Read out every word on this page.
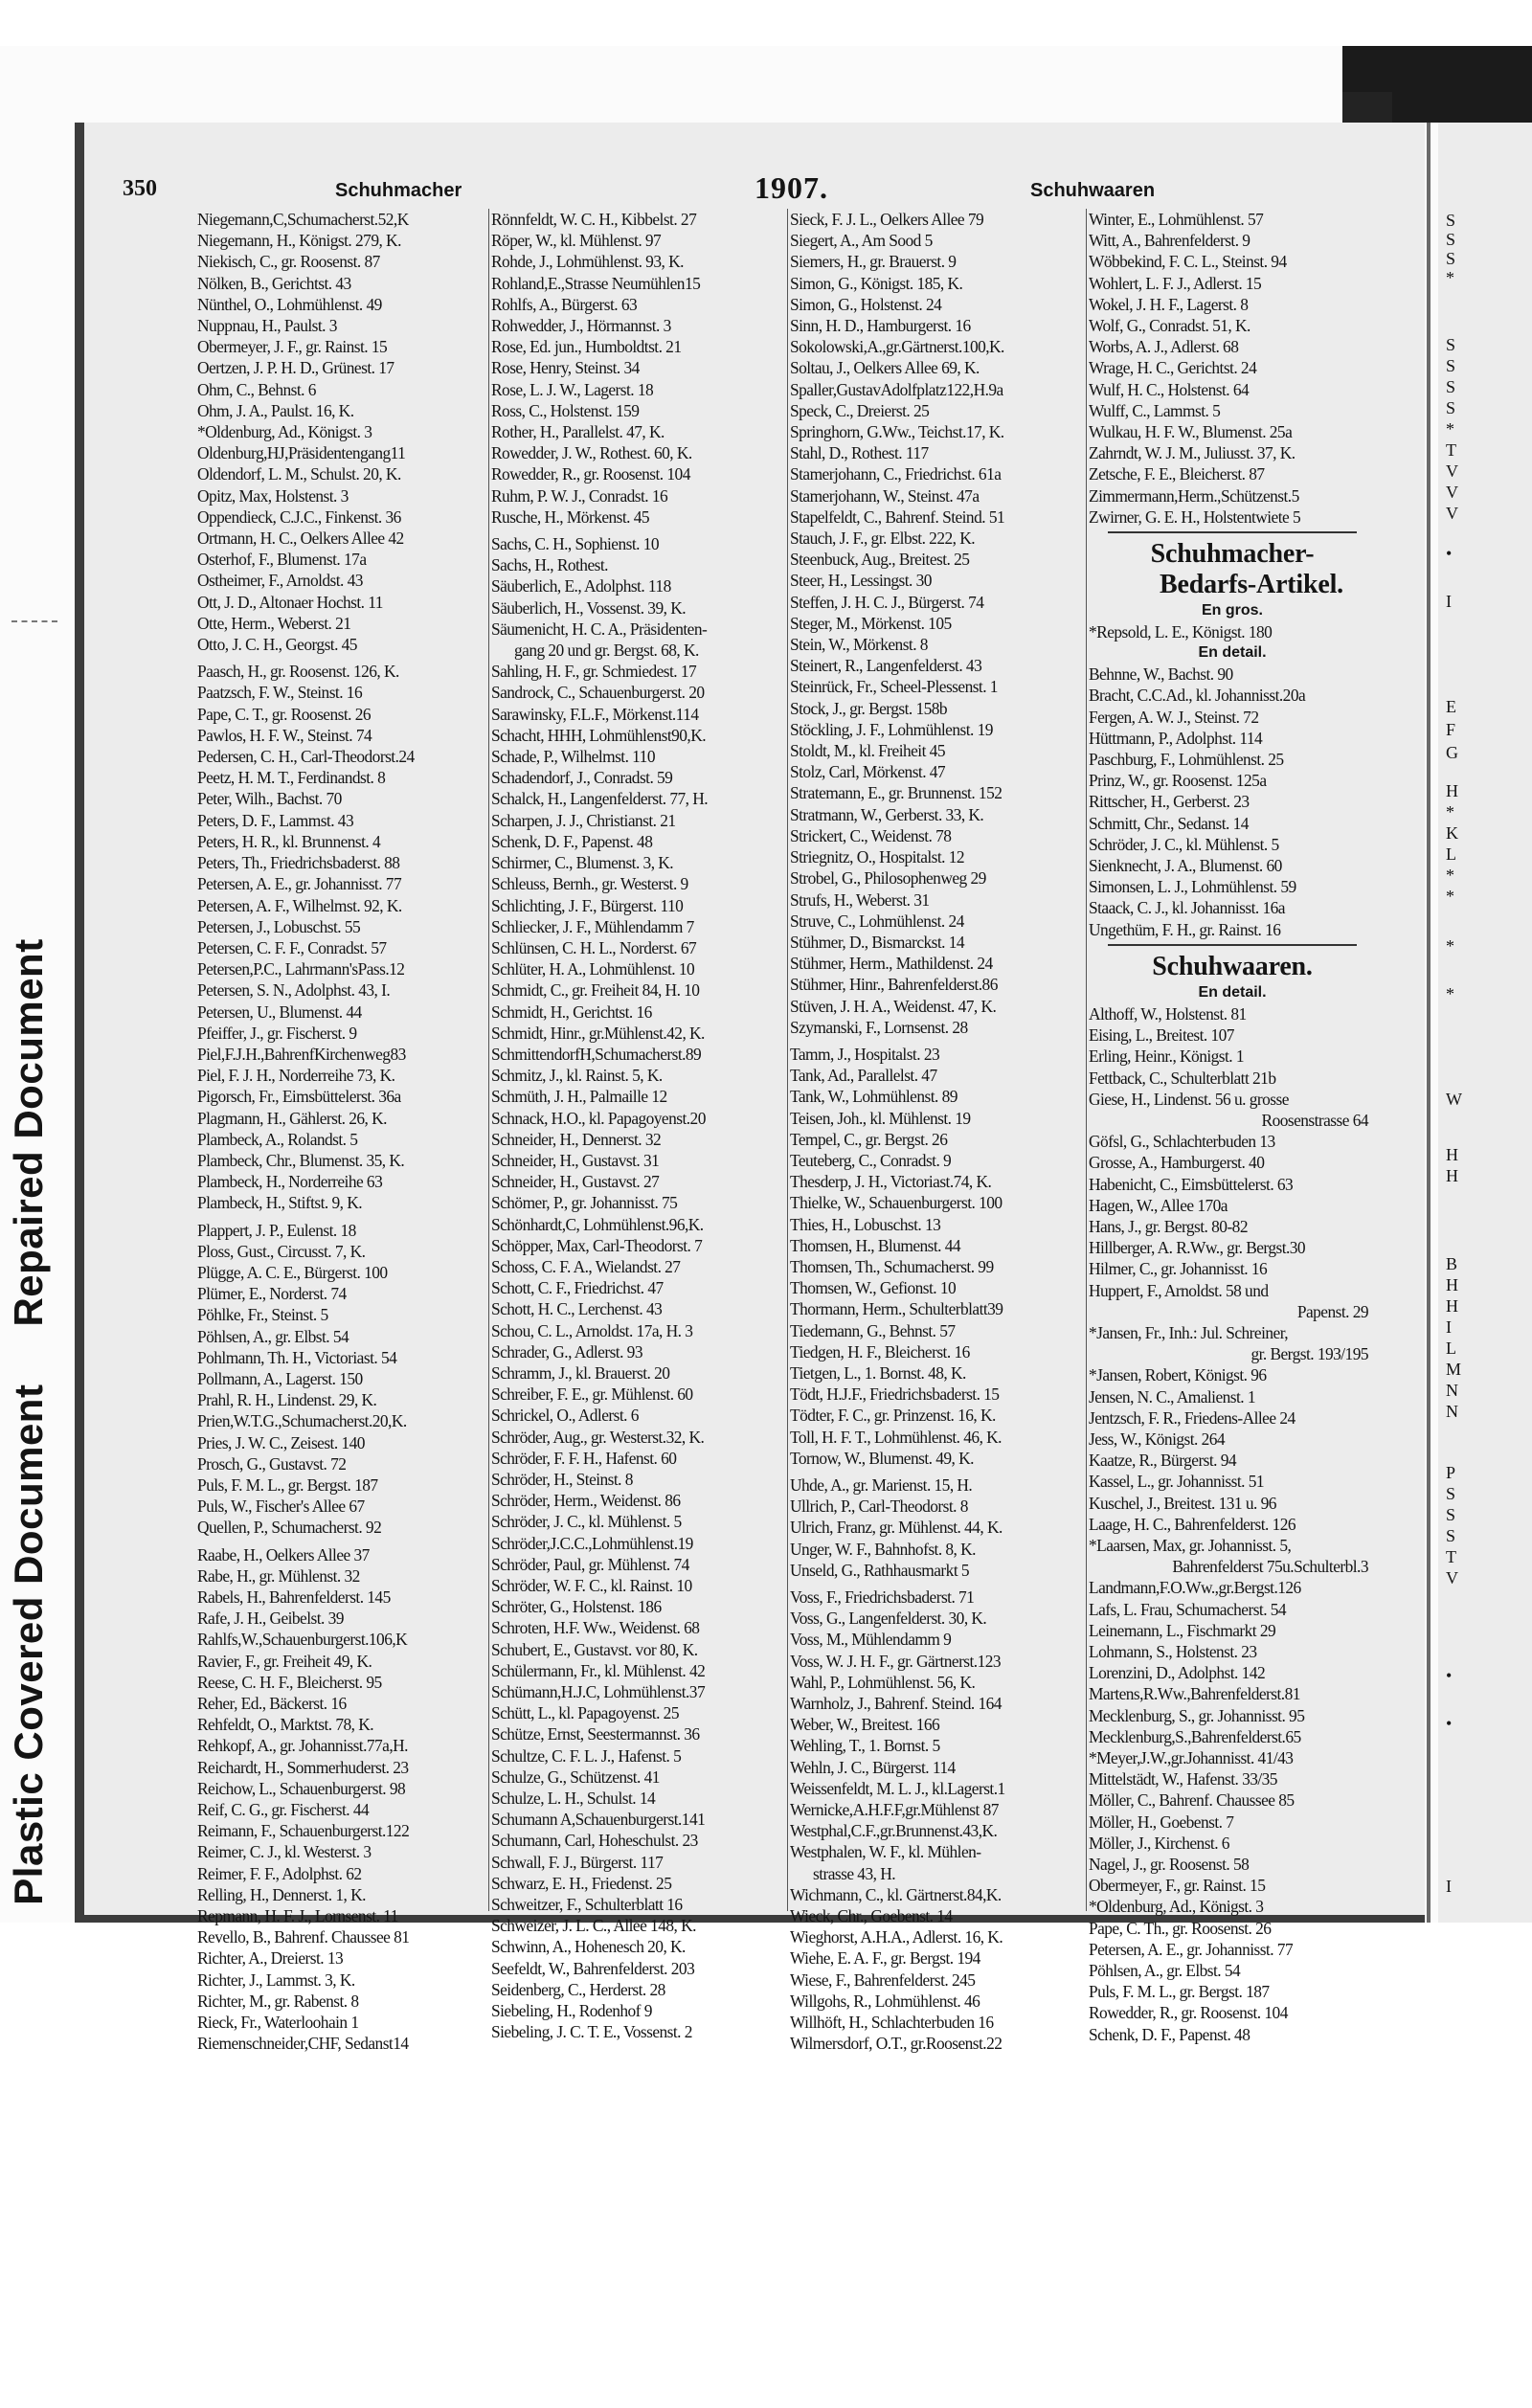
Plastic Covered Document
Repaired Document
S
S
S
*
S
S
S
S
*
T
V
V
V
•
I
E
F
G
H
*
K
L
*
*
*
*
W
H
H
B
H
H
I
L
M
N
N
P
S
S
S
T
V
•
•
I
350	Schuhmacher	1907.	Schuhwaaren
Niegemann,C,Schumacherst.52,K
Niegemann, H., Königst. 279, K.
Niekisch, C., gr. Roosenst. 87
Nölken, B., Gerichtst. 43
Nünthel, O., Lohmühlenst. 49
Nuppnau, H., Paulst. 3
Obermeyer, J. F., gr. Rainst. 15
Oertzen, J. P. H. D., Grünest. 17
Ohm, C., Behnst. 6
Ohm, J. A., Paulst. 16, K.
*Oldenburg, Ad., Königst. 3
Oldenburg,HJ,Präsidentengang11
Oldendorf, L. M., Schulst. 20, K.
Opitz, Max, Holstenst. 3
Oppendieck, C.J.C., Finkenst. 36
Ortmann, H. C., Oelkers Allee 42
Osterhof, F., Blumenst. 17a
Ostheimer, F., Arnoldst. 43
Ott, J. D., Altonaer Hochst. 11
Otte, Herm., Weberst. 21
Otto, J. C. H., Georgst. 45
Paasch, H., gr. Roosenst. 126, K.
Paatzsch, F. W., Steinst. 16
Pape, C. T., gr. Roosenst. 26
Pawlos, H. F. W., Steinst. 74
Pedersen, C. H., Carl-Theodorst.24
Peetz, H. M. T., Ferdinandst. 8
Peter, Wilh., Bachst. 70
Peters, D. F., Lammst. 43
Peters, H. R., kl. Brunnenst. 4
Peters, Th., Friedrichsbaderst. 88
Petersen, A. E., gr. Johannisst. 77
Petersen, A. F., Wilhelmst. 92, K.
Petersen, J., Lobuschst. 55
Petersen, C. F. F., Conradst. 57
Petersen,P.C., Lahrmann'sPass.12
Petersen, S. N., Adolphst. 43, I.
Petersen, U., Blumenst. 44
Pfeiffer, J., gr. Fischerst. 9
Piel,F.J.H.,BahrenfKirchenweg83
Piel, F. J. H., Norderreihe 73, K.
Pigorsch, Fr., Eimsbüttelerst. 36a
Plagmann, H., Gählerst. 26, K.
Plambeck, A., Rolandst. 5
Plambeck, Chr., Blumenst. 35, K.
Plambeck, H., Norderreihe 63
Plambeck, H., Stiftst. 9, K.
Plappert, J. P., Eulenst. 18
Ploss, Gust., Circusst. 7, K.
Plügge, A. C. E., Bürgerst. 100
Plümer, E., Norderst. 74
Pöhlke, Fr., Steinst. 5
Pöhlsen, A., gr. Elbst. 54
Pohlmann, Th. H., Victoriast. 54
Pollmann, A., Lagerst. 150
Prahl, R. H., Lindenst. 29, K.
Prien,W.T.G.,Schumacherst.20,K.
Pries, J. W. C., Zeisest. 140
Prosch, G., Gustavst. 72
Puls, F. M. L., gr. Bergst. 187
Puls, W., Fischer's Allee 67
Quellen, P., Schumacherst. 92
Raabe, H., Oelkers Allee 37
Rabe, H., gr. Mühlenst. 32
Rabels, H., Bahrenfelderst. 145
Rafe, J. H., Geibelst. 39
Rahlfs,W.,Schauenburgerst.106,K
Ravier, F., gr. Freiheit 49, K.
Reese, C. H. F., Bleicherst. 95
Reher, Ed., Bäckerst. 16
Rehfeldt, O., Marktst. 78, K.
Rehkopf, A., gr. Johannisst.77a,H.
Reichardt, H., Sommerhuderst. 23
Reichow, L., Schauenburgerst. 98
Reif, C. G., gr. Fischerst. 44
Reimann, F., Schauenburgerst.122
Reimer, C. J., kl. Westerst. 3
Reimer, F. F., Adolphst. 62
Relling, H., Dennerst. 1, K.
Repmann, H. F. J., Lornsenst. 11
Revello, B., Bahrenf. Chaussee 81
Richter, A., Dreierst. 13
Richter, J., Lammst. 3, K.
Richter, M., gr. Rabenst. 8
Rieck, Fr., Waterloohain 1
Riemenschneider,CHF, Sedanst14
Rönnfeldt, W. C. H., Kibbelst. 27
Röper, W., kl. Mühlenst. 97
Rohde, J., Lohmühlenst. 93, K.
Rohland,E.,Strasse Neumühlen15
Rohlfs, A., Bürgerst. 63
Rohwedder, J., Hörmannst. 3
Rose, Ed. jun., Humboldtst. 21
Rose, Henry, Steinst. 34
Rose, L. J. W., Lagerst. 18
Ross, C., Holstenst. 159
Rother, H., Parallelst. 47, K.
Rowedder, J. W., Rothest. 60, K.
Rowedder, R., gr. Roosenst. 104
Ruhm, P. W. J., Conradst. 16
Rusche, H., Mörkenst. 45
Sachs, C. H., Sophienst. 10
Sachs, H., Rothest.
Säuberlich, E., Adolphst. 118
Säuberlich, H., Vossenst. 39, K.
Säumenicht, H. C. A., Präsidenten-
gang 20 und gr. Bergst. 68, K.
Sahling, H. F., gr. Schmiedest. 17
Sandrock, C., Schauenburgerst. 20
Sarawinsky, F.L.F., Mörkenst.114
Schacht, HHH, Lohmühlenst90,K.
Schade, P., Wilhelmst. 110
Schadendorf, J., Conradst. 59
Schalck, H., Langenfelderst. 77, H.
Scharpen, J. J., Christianst. 21
Schenk, D. F., Papenst. 48
Schirmer, C., Blumenst. 3, K.
Schleuss, Bernh., gr. Westerst. 9
Schlichting, J. F., Bürgerst. 110
Schliecker, J. F., Mühlendamm 7
Schlünsen, C. H. L., Norderst. 67
Schlüter, H. A., Lohmühlenst. 10
Schmidt, C., gr. Freiheit 84, H. 10
Schmidt, H., Gerichtst. 16
Schmidt, Hinr., gr.Mühlenst.42, K.
SchmittendorfH,Schumacherst.89
Schmitz, J., kl. Rainst. 5, K.
Schmüth, J. H., Palmaille 12
Schnack, H.O., kl. Papagoyenst.20
Schneider, H., Dennerst. 32
Schneider, H., Gustavst. 31
Schneider, H., Gustavst. 27
Schömer, P., gr. Johannisst. 75
Schönhardt,C, Lohmühlenst.96,K.
Schöpper, Max, Carl-Theodorst. 7
Schoss, C. F. A., Wielandst. 27
Schott, C. F., Friedrichst. 47
Schott, H. C., Lerchenst. 43
Schou, C. L., Arnoldst. 17a, H. 3
Schrader, G., Adlerst. 93
Schramm, J., kl. Brauerst. 20
Schreiber, F. E., gr. Mühlenst. 60
Schrickel, O., Adlerst. 6
Schröder, Aug., gr. Westerst.32, K.
Schröder, F. F. H., Hafenst. 60
Schröder, H., Steinst. 8
Schröder, Herm., Weidenst. 86
Schröder, J. C., kl. Mühlenst. 5
Schröder,J.C.C.,Lohmühlenst.19
Schröder, Paul, gr. Mühlenst. 74
Schröder, W. F. C., kl. Rainst. 10
Schröter, G., Holstenst. 186
Schroten, H.F. Ww., Weidenst. 68
Schubert, E., Gustavst. vor 80, K.
Schülermann, Fr., kl. Mühlenst. 42
Schümann,H.J.C, Lohmühlenst.37
Schütt, L., kl. Papagoyenst. 25
Schütze, Ernst, Seestermannst. 36
Schultze, C. F. L. J., Hafenst. 5
Schulze, G., Schützenst. 41
Schulze, L. H., Schulst. 14
Schumann A,Schauenburgerst.141
Schumann, Carl, Hoheschulst. 23
Schwall, F. J., Bürgerst. 117
Schwarz, E. H., Friedenst. 25
Schweitzer, F., Schulterblatt 16
Schweizer, J. L. C., Allee 148, K.
Schwinn, A., Hohenesch 20, K.
Seefeldt, W., Bahrenfelderst. 203
Seidenberg, C., Herderst. 28
Siebeling, H., Rodenhof 9
Siebeling, J. C. T. E., Vossenst. 2
Sieck, F. J. L., Oelkers Allee 79
Siegert, A., Am Sood 5
Siemers, H., gr. Brauerst. 9
Simon, G., Königst. 185, K.
Simon, G., Holstenst. 24
Sinn, H. D., Hamburgerst. 16
Sokolowski,A.,gr.Gärtnerst.100,K.
Soltau, J., Oelkers Allee 69, K.
Spaller,GustavAdolfplatz122,H.9a
Speck, C., Dreierst. 25
Springhorn, G.Ww., Teichst.17, K.
Stahl, D., Rothest. 117
Stamerjohann, C., Friedrichst. 61a
Stamerjohann, W., Steinst. 47a
Stapelfeldt, C., Bahrenf. Steind. 51
Stauch, J. F., gr. Elbst. 222, K.
Steenbuck, Aug., Breitest. 25
Steer, H., Lessingst. 30
Steffen, J. H. C. J., Bürgerst. 74
Steger, M., Mörkenst. 105
Stein, W., Mörkenst. 8
Steinert, R., Langenfelderst. 43
Steinrück, Fr., Scheel-Plessenst. 1
Stock, J., gr. Bergst. 158b
Stöckling, J. F., Lohmühlenst. 19
Stoldt, M., kl. Freiheit 45
Stolz, Carl, Mörkenst. 47
Stratemann, E., gr. Brunnenst. 152
Stratmann, W., Gerberst. 33, K.
Strickert, C., Weidenst. 78
Striegnitz, O., Hospitalst. 12
Strobel, G., Philosophenweg 29
Strufs, H., Weberst. 31
Struve, C., Lohmühlenst. 24
Stühmer, D., Bismarckst. 14
Stühmer, Herm., Mathildenst. 24
Stühmer, Hinr., Bahrenfelderst.86
Stüven, J. H. A., Weidenst. 47, K.
Szymanski, F., Lornsenst. 28
Tamm, J., Hospitalst. 23
Tank, Ad., Parallelst. 47
Tank, W., Lohmühlenst. 89
Teisen, Joh., kl. Mühlenst. 19
Tempel, C., gr. Bergst. 26
Teuteberg, C., Conradst. 9
Thesderp, J. H., Victoriast.74, K.
Thielke, W., Schauenburgerst. 100
Thies, H., Lobuschst. 13
Thomsen, H., Blumenst. 44
Thomsen, Th., Schumacherst. 99
Thomsen, W., Gefionst. 10
Thormann, Herm., Schulterblatt39
Tiedemann, G., Behnst. 57
Tiedgen, H. F., Bleicherst. 16
Tietgen, L., 1. Bornst. 48, K.
Tödt, H.J.F., Friedrichsbaderst. 15
Tödter, F. C., gr. Prinzenst. 16, K.
Toll, H. F. T., Lohmühlenst. 46, K.
Tornow, W., Blumenst. 49, K.
Uhde, A., gr. Marienst. 15, H.
Ullrich, P., Carl-Theodorst. 8
Ulrich, Franz, gr. Mühlenst. 44, K.
Unger, W. F., Bahnhofst. 8, K.
Unseld, G., Rathhausmarkt 5
Voss, F., Friedrichsbaderst. 71
Voss, G., Langenfelderst. 30, K.
Voss, M., Mühlendamm 9
Voss, W. J. H. F., gr. Gärtnerst.123
Wahl, P., Lohmühlenst. 56, K.
Warnholz, J., Bahrenf. Steind. 164
Weber, W., Breitest. 166
Wehling, T., 1. Bornst. 5
Wehln, J. C., Bürgerst. 114
Weissenfeldt, M. L. J., kl.Lagerst.1
Wernicke,A.H.F.F,gr.Mühlenst 87
Westphal,C.F.,gr.Brunnenst.43,K.
Westphalen, W. F., kl. Mühlen-
strasse 43, H.
Wichmann, C., kl. Gärtnerst.84,K.
Wieck, Chr., Goebenst. 14
Wieghorst, A.H.A., Adlerst. 16, K.
Wiehe, E. A. F., gr. Bergst. 194
Wiese, F., Bahrenfelderst. 245
Willgohs, R., Lohmühlenst. 46
Willhöft, H., Schlachterbuden 16
Wilmersdorf, O.T., gr.Roosenst.22
Winter, E., Lohmühlenst. 57
Witt, A., Bahrenfelderst. 9
Wöbbekind, F. C. L., Steinst. 94
Wohlert, L. F. J., Adlerst. 15
Wokel, J. H. F., Lagerst. 8
Wolf, G., Conradst. 51, K.
Worbs, A. J., Adlerst. 68
Wrage, H. C., Gerichtst. 24
Wulf, H. C., Holstenst. 64
Wulff, C., Lammst. 5
Wulkau, H. F. W., Blumenst. 25a
Zahrndt, W. J. M., Juliusst. 37, K.
Zetsche, F. E., Bleicherst. 87
Zimmermann,Herm.,Schützenst.5
Zwirner, G. E. H., Holstentwiete 5
Schuhmacher-
Bedarfs-Artikel.
En gros.
*Repsold, L. E., Königst. 180
En detail.
Behnne, W., Bachst. 90
Bracht, C.C.Ad., kl. Johannisst.20a
Fergen, A. W. J., Steinst. 72
Hüttmann, P., Adolphst. 114
Paschburg, F., Lohmühlenst. 25
Prinz, W., gr. Roosenst. 125a
Rittscher, H., Gerberst. 23
Schmitt, Chr., Sedanst. 14
Schröder, J. C., kl. Mühlenst. 5
Sienknecht, J. A., Blumenst. 60
Simonsen, L. J., Lohmühlenst. 59
Staack, C. J., kl. Johannisst. 16a
Ungethüm, F. H., gr. Rainst. 16
Schuhwaaren.
En detail.
Althoff, W., Holstenst. 81
Eising, L., Breitest. 107
Erling, Heinr., Königst. 1
Fettback, C., Schulterblatt 21b
Giese, H., Lindenst. 56 u. grosse
Roosenstrasse 64
Göfsl, G., Schlachterbuden 13
Grosse, A., Hamburgerst. 40
Habenicht, C., Eimsbüttelerst. 63
Hagen, W., Allee 170a
Hans, J., gr. Bergst. 80-82
Hillberger, A. R.Ww., gr. Bergst.30
Hilmer, C., gr. Johannisst. 16
Huppert, F., Arnoldst. 58 und
Papenst. 29
*Jansen, Fr., Inh.: Jul. Schreiner,
gr. Bergst. 193/195
*Jansen, Robert, Königst. 96
Jensen, N. C., Amalienst. 1
Jentzsch, F. R., Friedens-Allee 24
Jess, W., Königst. 264
Kaatze, R., Bürgerst. 94
Kassel, L., gr. Johannisst. 51
Kuschel, J., Breitest. 131 u. 96
Laage, H. C., Bahrenfelderst. 126
*Laarsen, Max, gr. Johannisst. 5,
Bahrenfelderst 75u.Schulterbl.3
Landmann,F.O.Ww.,gr.Bergst.126
Lafs, L. Frau, Schumacherst. 54
Leinemann, L., Fischmarkt 29
Lohmann, S., Holstenst. 23
Lorenzini, D., Adolphst. 142
Martens,R.Ww.,Bahrenfelderst.81
Mecklenburg, S., gr. Johannisst. 95
Mecklenburg,S.,Bahrenfelderst.65
*Meyer,J.W.,gr.Johannisst. 41/43
Mittelstädt, W., Hafenst. 33/35
Möller, C., Bahrenf. Chaussee 85
Möller, H., Goebenst. 7
Möller, J., Kirchenst. 6
Nagel, J., gr. Roosenst. 58
Obermeyer, F., gr. Rainst. 15
*Oldenburg, Ad., Königst. 3
Pape, C. Th., gr. Roosenst. 26
Petersen, A. E., gr. Johannisst. 77
Pöhlsen, A., gr. Elbst. 54
Puls, F. M. L., gr. Bergst. 187
Rowedder, R., gr. Roosenst. 104
Schenk, D. F., Papenst. 48
